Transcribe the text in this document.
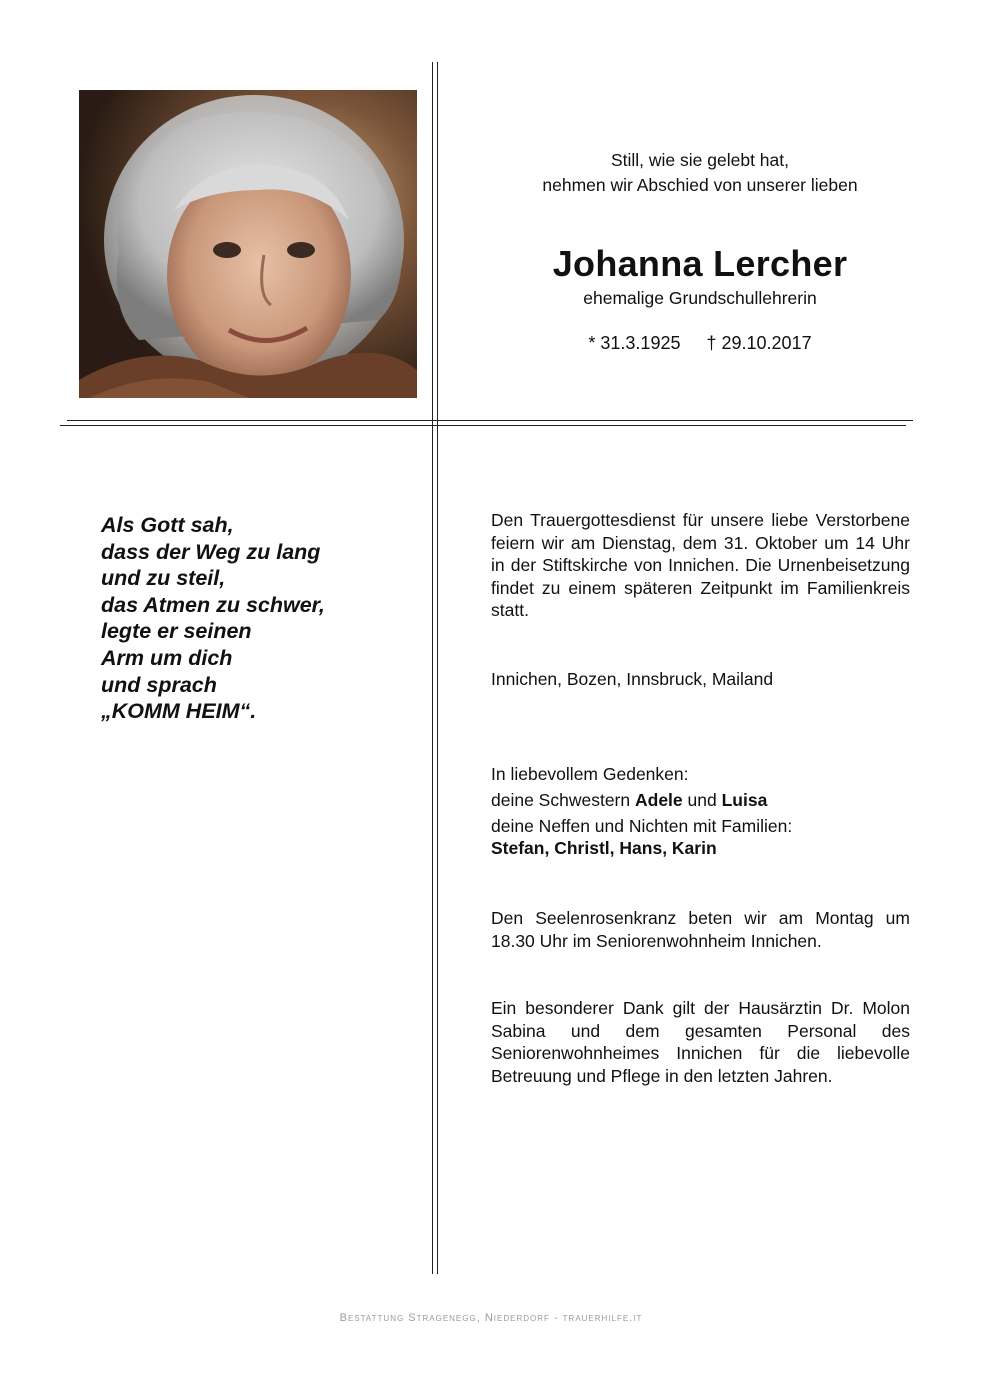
Still, wie sie gelebt hat,
nehmen wir Abschied von unserer lieben
Johanna Lercher
ehemalige Grundschullehrerin
* 31.3.1925 † 29.10.2017
Als Gott sah,
dass der Weg zu lang
und zu steil,
das Atmen zu schwer,
legte er seinen
Arm um dich
und sprach
„KOMM HEIM“.
Den Trauergottesdienst für unsere liebe Verstorbene feiern wir am Dienstag, dem 31. Oktober um 14 Uhr in der Stiftskirche von Innichen. Die Urnenbeisetzung findet zu einem späteren Zeitpunkt im Familienkreis statt.
Innichen, Bozen, Innsbruck, Mailand
In liebevollem Gedenken:
deine Schwestern Adele und Luisa
deine Neffen und Nichten mit Familien:
Stefan, Christl, Hans, Karin
Den Seelenrosenkranz beten wir am Montag um 18.30 Uhr im Seniorenwohnheim Innichen.
Ein besonderer Dank gilt der Hausärztin Dr. Molon Sabina und dem gesamten Personal des Seniorenwohnheimes Innichen für die liebevolle Betreuung und Pflege in den letzten Jahren.
Bestattung Stragenegg, Niederdorf - trauerhilfe.it
